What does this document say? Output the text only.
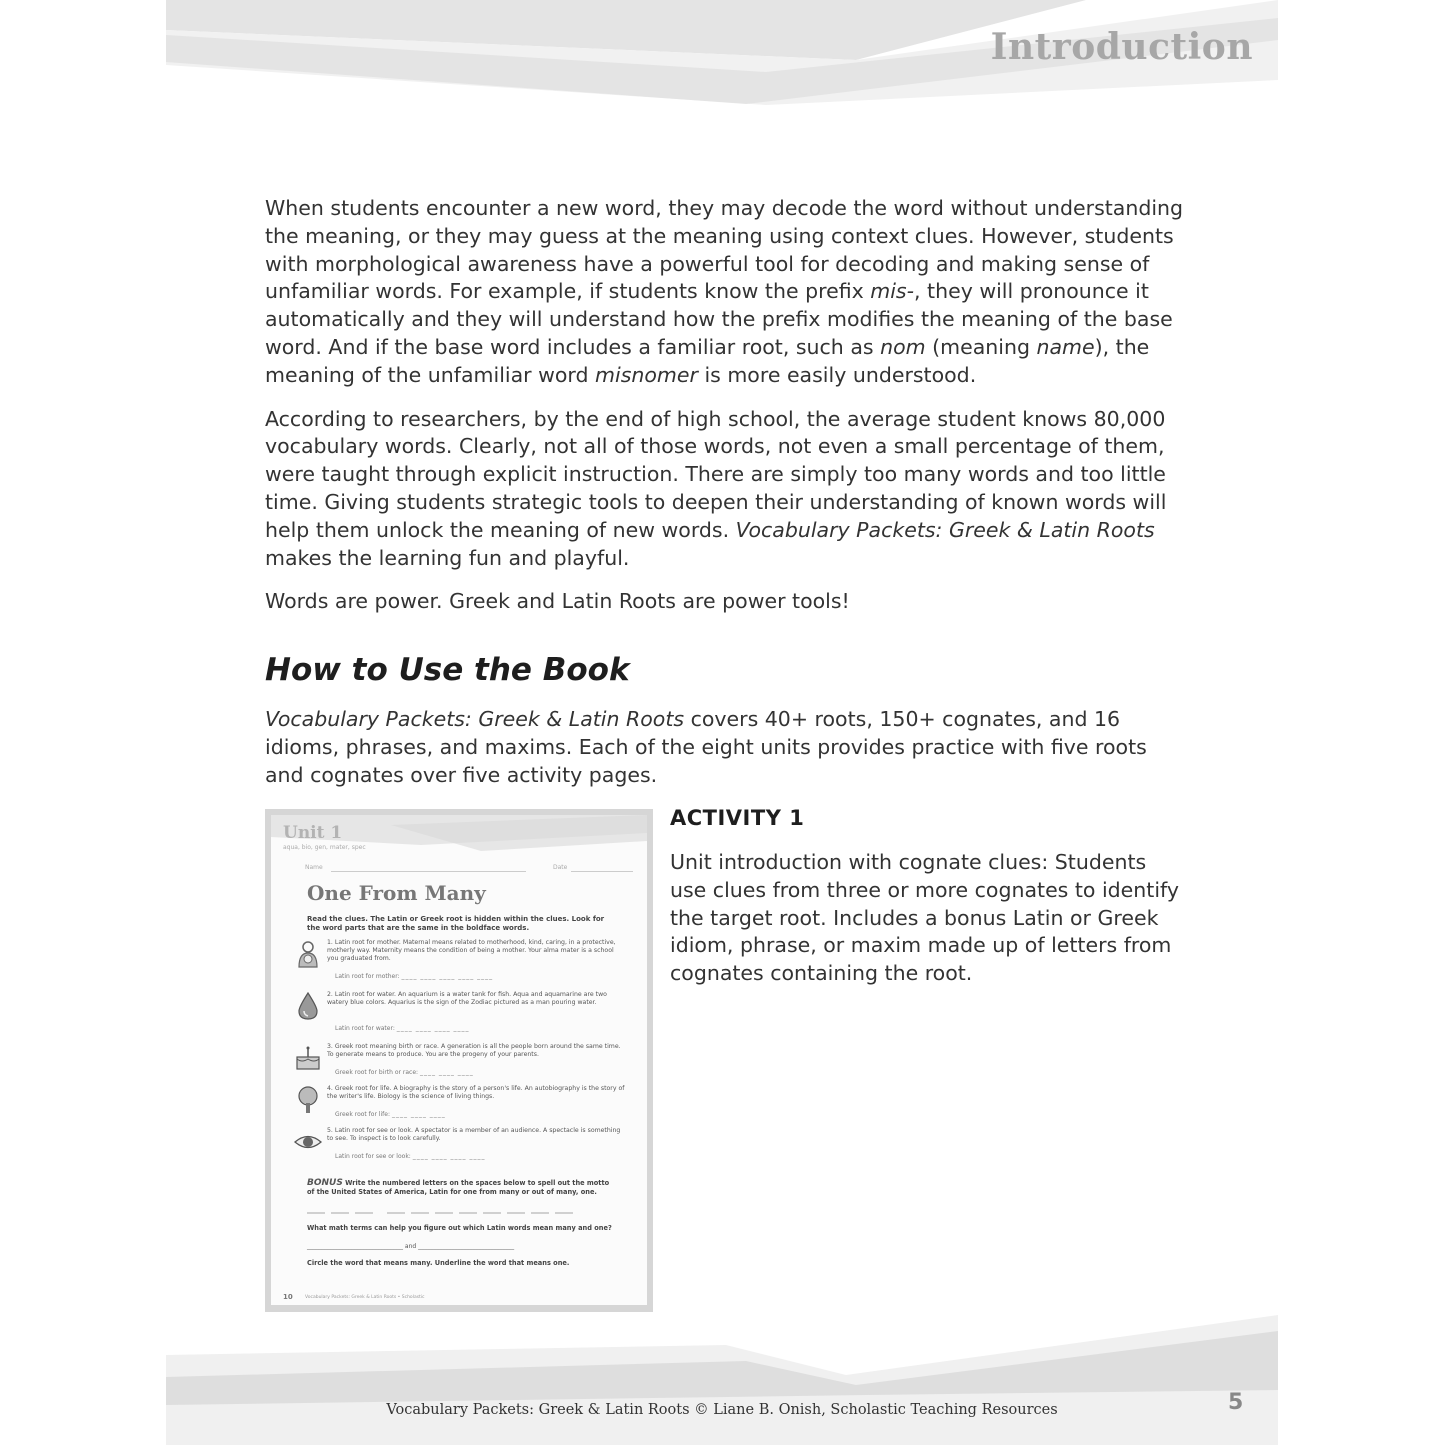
Introduction

When students encounter a new word, they may decode the word without understanding the meaning, or they may guess at the meaning using context clues. However, students with morphological awareness have a powerful tool for decoding and making sense of unfamiliar words. For example, if students know the prefix mis-, they will pronounce it automatically and they will understand how the prefix modifies the meaning of the base word. And if the base word includes a familiar root, such as nom (meaning name), the meaning of the unfamiliar word misnomer is more easily understood.

According to researchers, by the end of high school, the average student knows 80,000 vocabulary words. Clearly, not all of those words, not even a small percentage of them, were taught through explicit instruction. There are simply too many words and too little time. Giving students strategic tools to deepen their understanding of known words will help them unlock the meaning of new words. Vocabulary Packets: Greek & Latin Roots makes the learning fun and playful.

Words are power. Greek and Latin Roots are power tools!

How to Use the Book

Vocabulary Packets: Greek & Latin Roots covers 40+ roots, 150+ cognates, and 16 idioms, phrases, and maxims. Each of the eight units provides practice with five roots and cognates over five activity pages.

Unit 1
aqua, bio, gen, mater, spec
Name	Date
One From Many
Read the clues. The Latin or Greek root is hidden within the clues. Look for the word parts that are the same in the boldface words.
1. Latin root for mother. Maternal means related to motherhood, kind, caring, in a protective, motherly way. Maternity means the condition of being a mother. Your alma mater is a school you graduated from.
Latin root for mother: ____ ____ ____ ____ ____
2. Latin root for water. An aquarium is a water tank for fish. Aqua and aquamarine are two watery blue colors. Aquarius is the sign of the Zodiac pictured as a man pouring water.
Latin root for water: ____ ____ ____ ____
3. Greek root meaning birth or race. A generation is all the people born around the same time. To generate means to produce. You are the progeny of your parents.
Greek root for birth or race: ____ ____ ____
4. Greek root for life. A biography is the story of a person's life. An autobiography is the story of the writer's life. Biology is the science of living things.
Greek root for life: ____ ____ ____
5. Latin root for see or look. A spectator is a member of an audience. A spectacle is something to see. To inspect is to look carefully.
Latin root for see or look: ____ ____ ____ ____
BONUS Write the numbered letters on the spaces below to spell out the motto of the United States of America, Latin for one from many or out of many, one.
What math terms can help you figure out which Latin words mean many and one?
________________________________ and ________________________________
Circle the word that means many. Underline the word that means one.
10	Vocabulary Packets: Greek & Latin Roots • Scholastic
ACTIVITY 1

Unit introduction with cognate clues: Students use clues from three or more cognates to identify the target root. Includes a bonus Latin or Greek idiom, phrase, or maxim made up of letters from cognates containing the root.

Vocabulary Packets: Greek & Latin Roots © Liane B. Onish, Scholastic Teaching Resources	5
